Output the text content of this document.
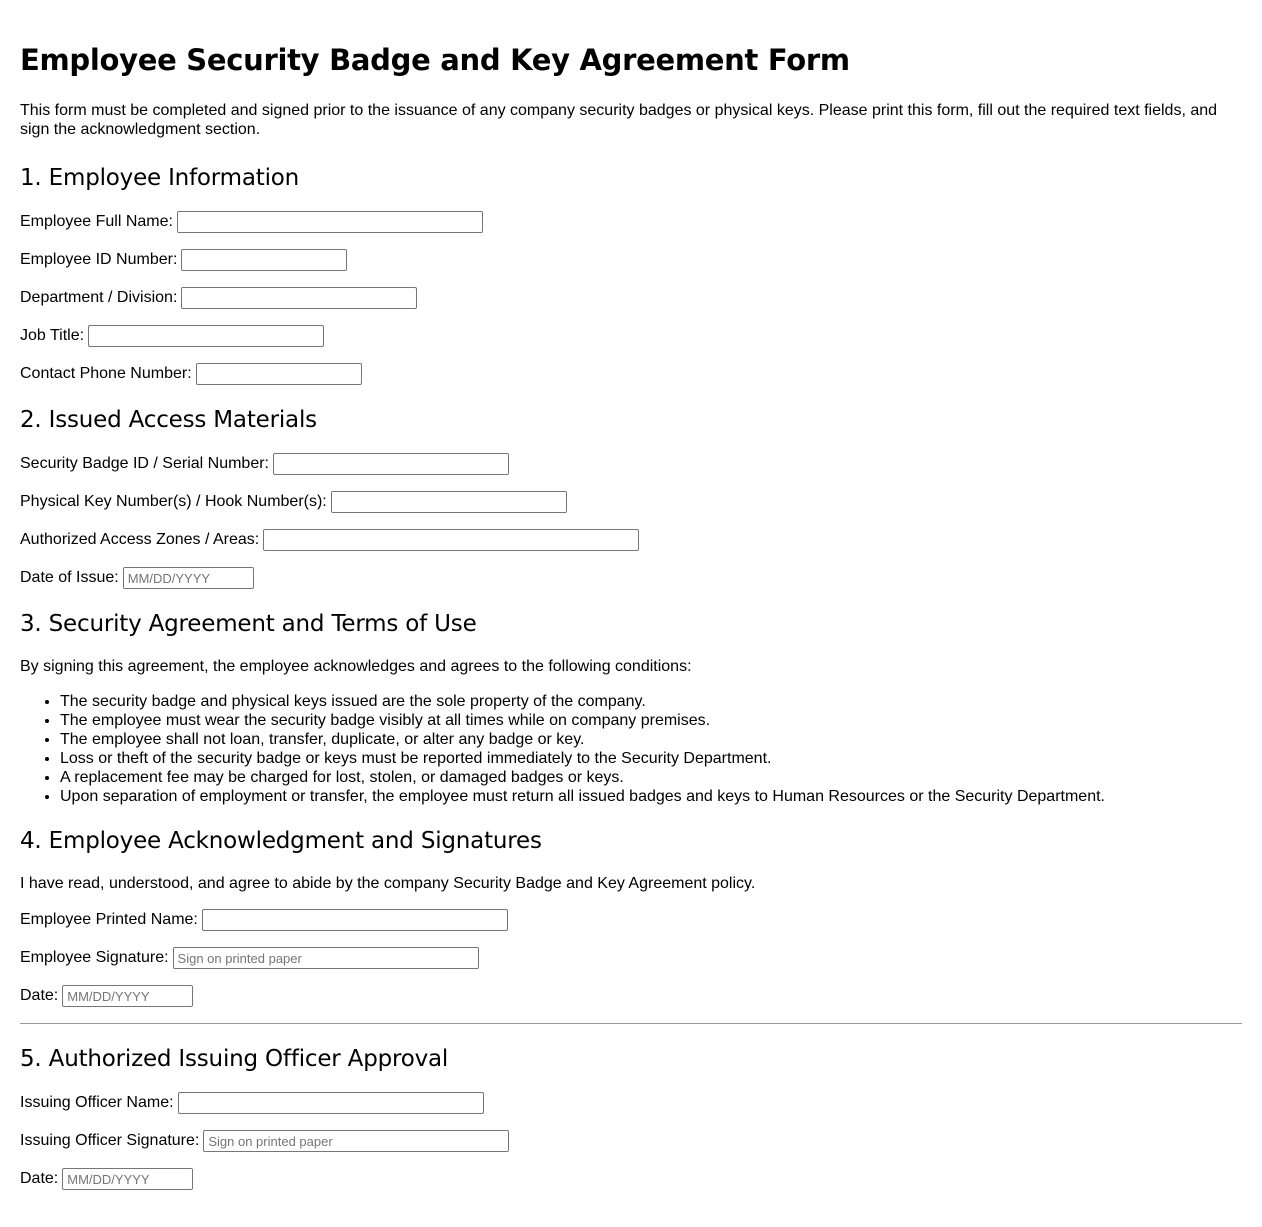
Employee Security Badge and Key Agreement Form

This form must be completed and signed prior to the issuance of any company security badges or physical keys. Please print this form, fill out the required text fields, and sign the acknowledgment section.

1. Employee Information
Employee Full Name:
Employee ID Number:
Department / Division:
Job Title:
Contact Phone Number:
2. Issued Access Materials
Security Badge ID / Serial Number:
Physical Key Number(s) / Hook Number(s):
Authorized Access Zones / Areas:
Date of Issue:
MM/DD/YYYY
3. Security Agreement and Terms of Use

By signing this agreement, the employee acknowledges and agrees to the following conditions:

• The security badge and physical keys issued are the sole property of the company.
• The employee must wear the security badge visibly at all times while on company premises.
• The employee shall not loan, transfer, duplicate, or alter any badge or key.
• Loss or theft of the security badge or keys must be reported immediately to the Security Department.
• A replacement fee may be charged for lost, stolen, or damaged badges or keys.
• Upon separation of employment or transfer, the employee must return all issued badges and keys to Human Resources or the Security Department.
4. Employee Acknowledgment and Signatures

I have read, understood, and agree to abide by the company Security Badge and Key Agreement policy.

Employee Printed Name:
Employee Signature:
Sign on printed paper
Date:
MM/DD/YYYY
5. Authorized Issuing Officer Approval
Issuing Officer Name:
Issuing Officer Signature:
Sign on printed paper
Date:
MM/DD/YYYY
